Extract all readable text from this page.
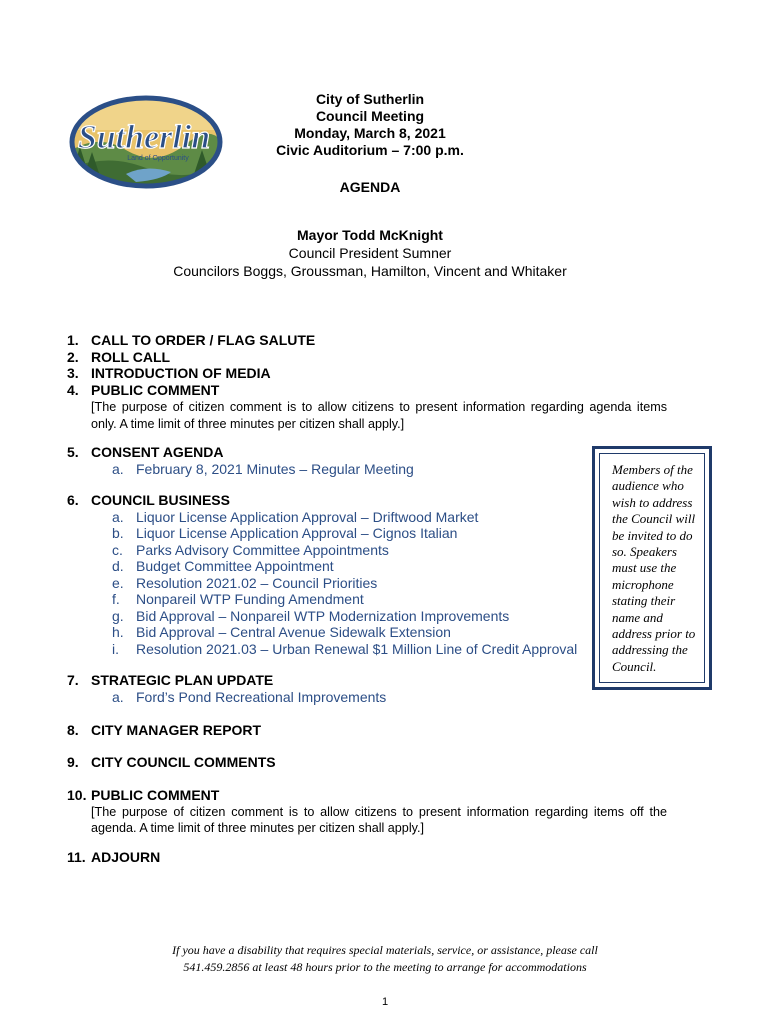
Sutherlin
Land of Opportunity
City of Sutherlin
Council Meeting
Monday, March 8, 2021
Civic Auditorium – 7:00 p.m.
AGENDA
Mayor Todd McKnight
Council President Sumner
Councilors Boggs, Groussman, Hamilton, Vincent and Whitaker
1. CALL TO ORDER / FLAG SALUTE
2. ROLL CALL
3. INTRODUCTION OF MEDIA
4. PUBLIC COMMENT
[The purpose of citizen comment is to allow citizens to present information regarding agenda items only. A time limit of three minutes per citizen shall apply.]
5. CONSENT AGENDA
a. February 8, 2021 Minutes – Regular Meeting
6. COUNCIL BUSINESS
a. Liquor License Application Approval – Driftwood Market
b. Liquor License Application Approval – Cignos Italian
c. Parks Advisory Committee Appointments
d. Budget Committee Appointment
e. Resolution 2021.02 – Council Priorities
f.	Nonpareil WTP Funding Amendment
g. Bid Approval – Nonpareil WTP Modernization Improvements
h. Bid Approval – Central Avenue Sidewalk Extension
i.	Resolution 2021.03 – Urban Renewal $1 Million Line of Credit Approval
7. STRATEGIC PLAN UPDATE
a. Ford’s Pond Recreational Improvements
8. CITY MANAGER REPORT
9. CITY COUNCIL COMMENTS
10. PUBLIC COMMENT
[The purpose of citizen comment is to allow citizens to present information regarding items off the agenda. A time limit of three minutes per citizen shall apply.]
11. ADJOURN
Members of the audience who wish to address the Council will be invited to do so. Speakers must use the microphone stating their name and address prior to addressing the Council.
If you have a disability that requires special materials, service, or assistance, please call
541.459.2856 at least 48 hours prior to the meeting to arrange for accommodations
1
